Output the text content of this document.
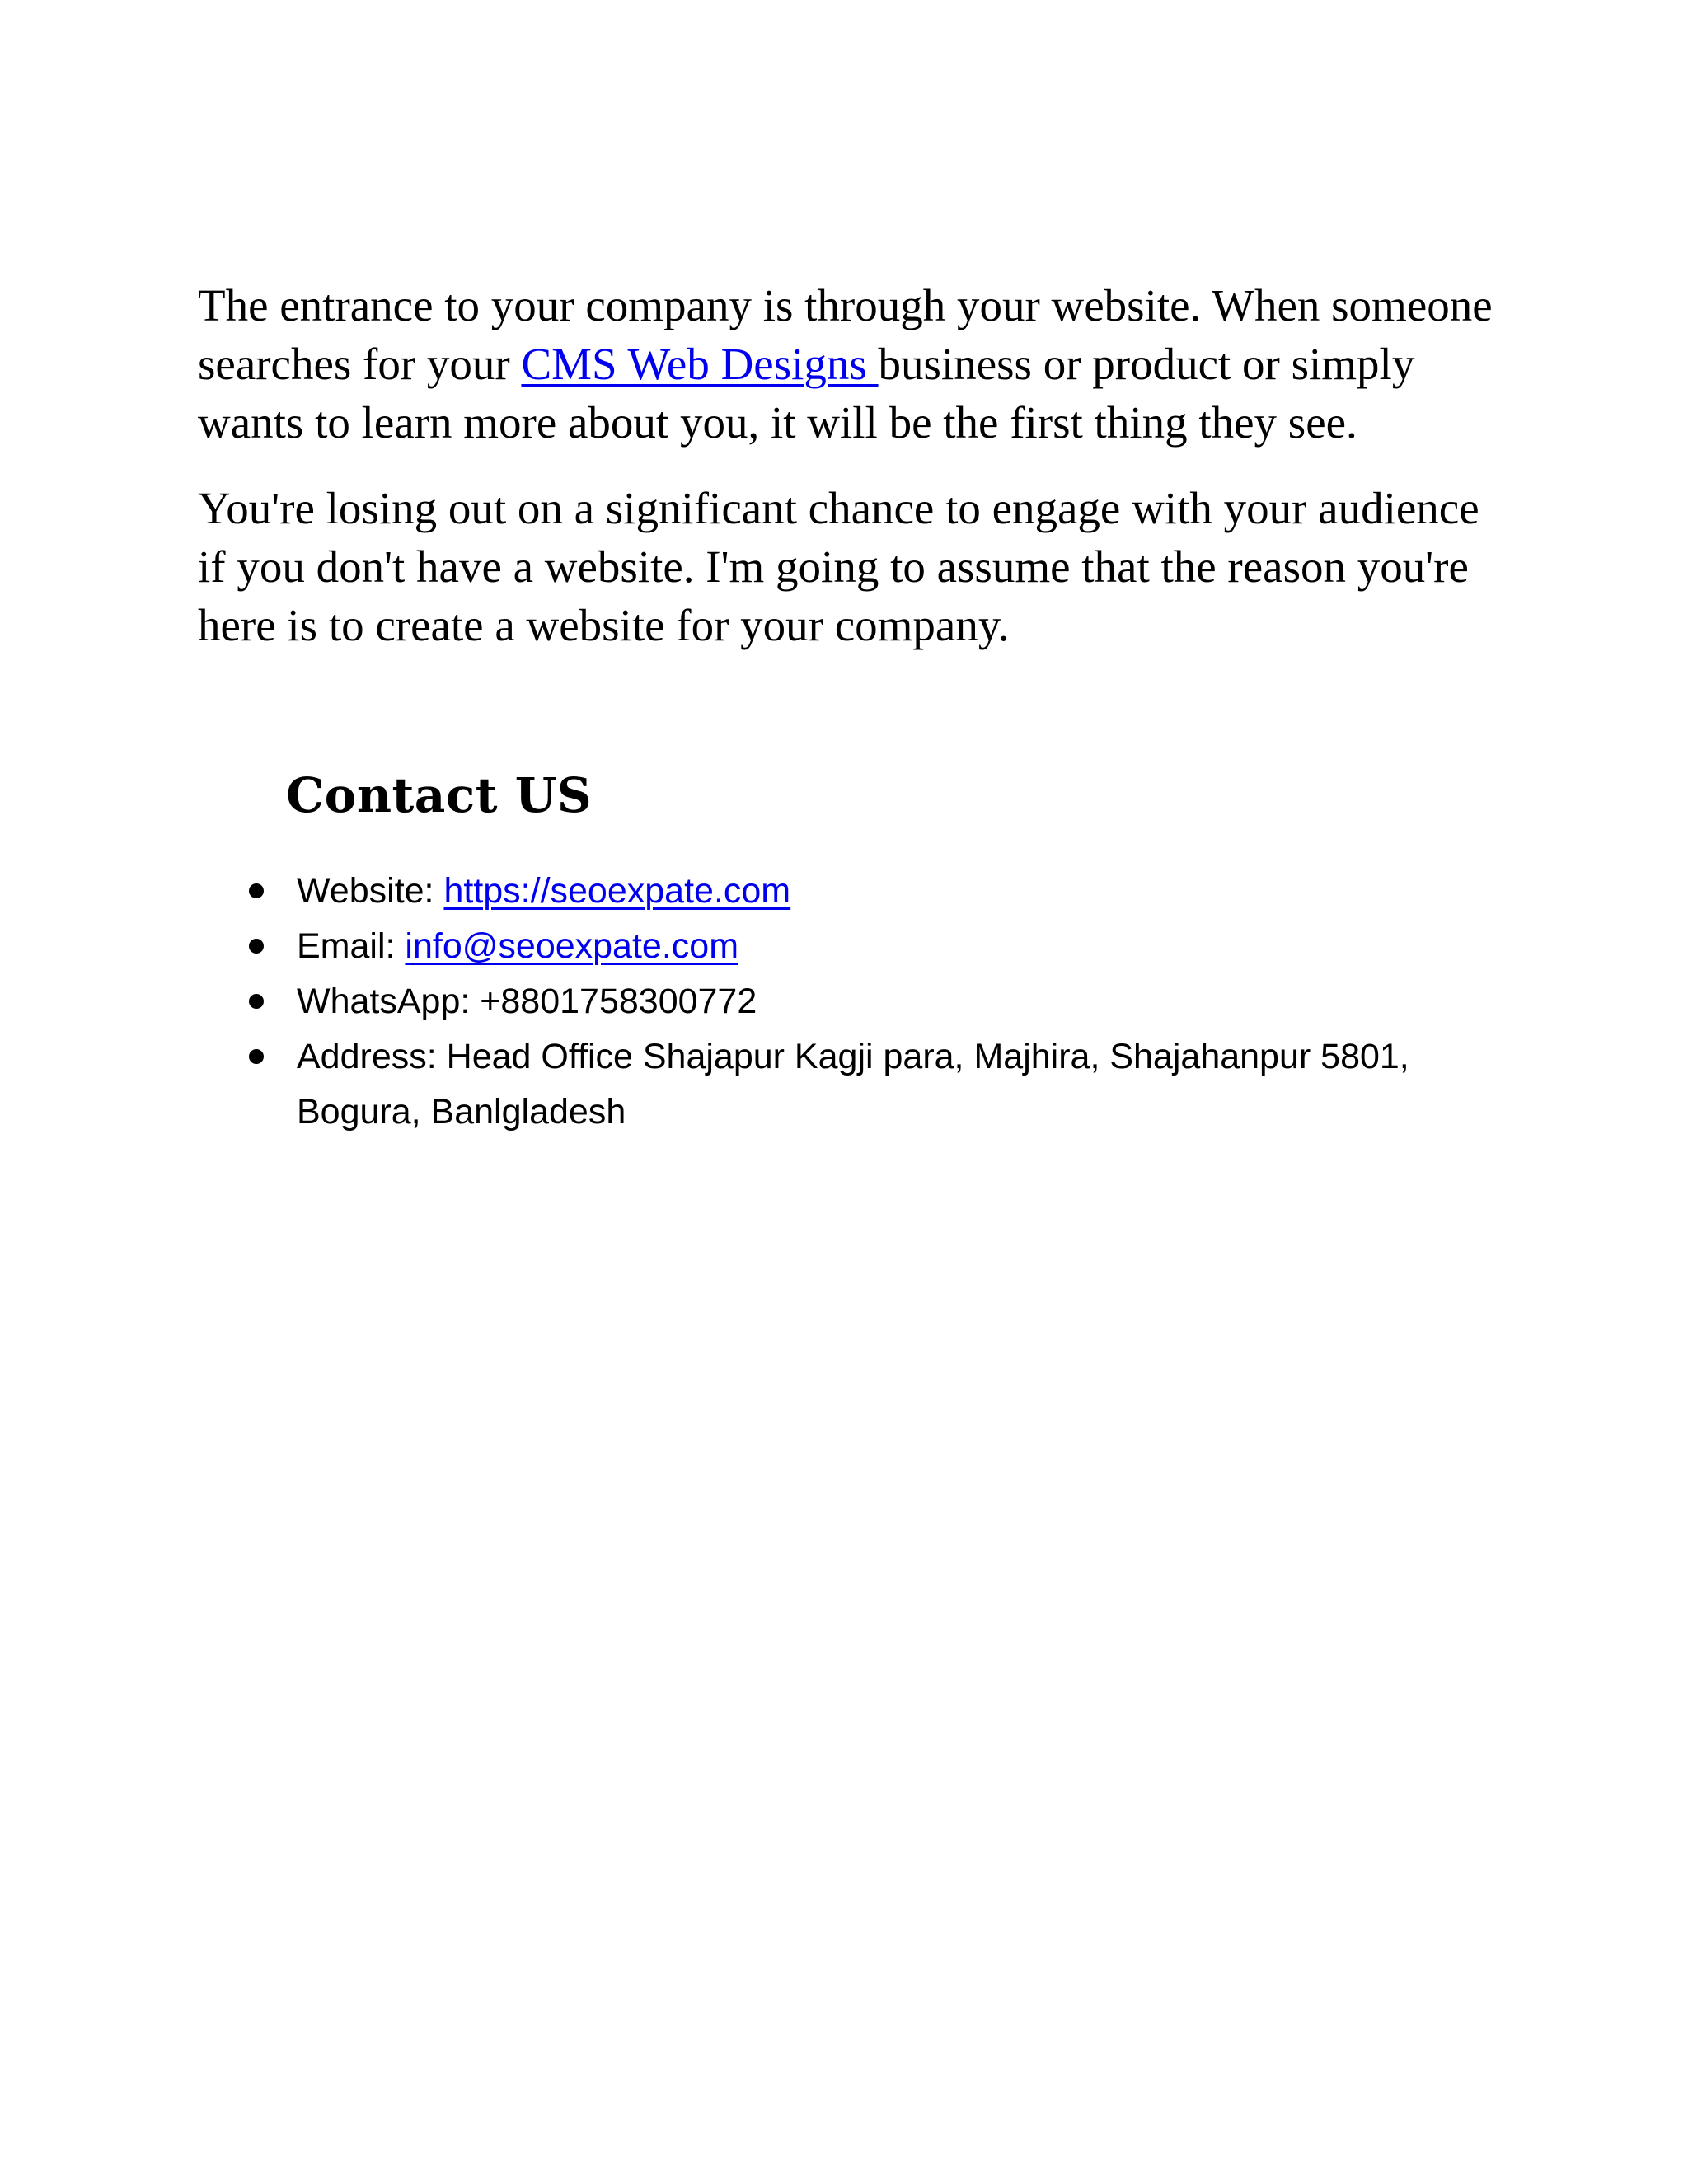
The entrance to your company is through your website. When someone searches for your CMS Web Designs business or product or simply wants to learn more about you, it will be the first thing they see.

You're losing out on a significant chance to engage with your audience if you don't have a website. I'm going to assume that the reason you're here is to create a website for your company.

Contact US
Website: https://seoexpate.com
Email: info@seoexpate.com
WhatsApp: +8801758300772
Address: Head Office Shajapur Kagji para, Majhira, Shajahanpur 5801, Bogura, Banlgladesh
